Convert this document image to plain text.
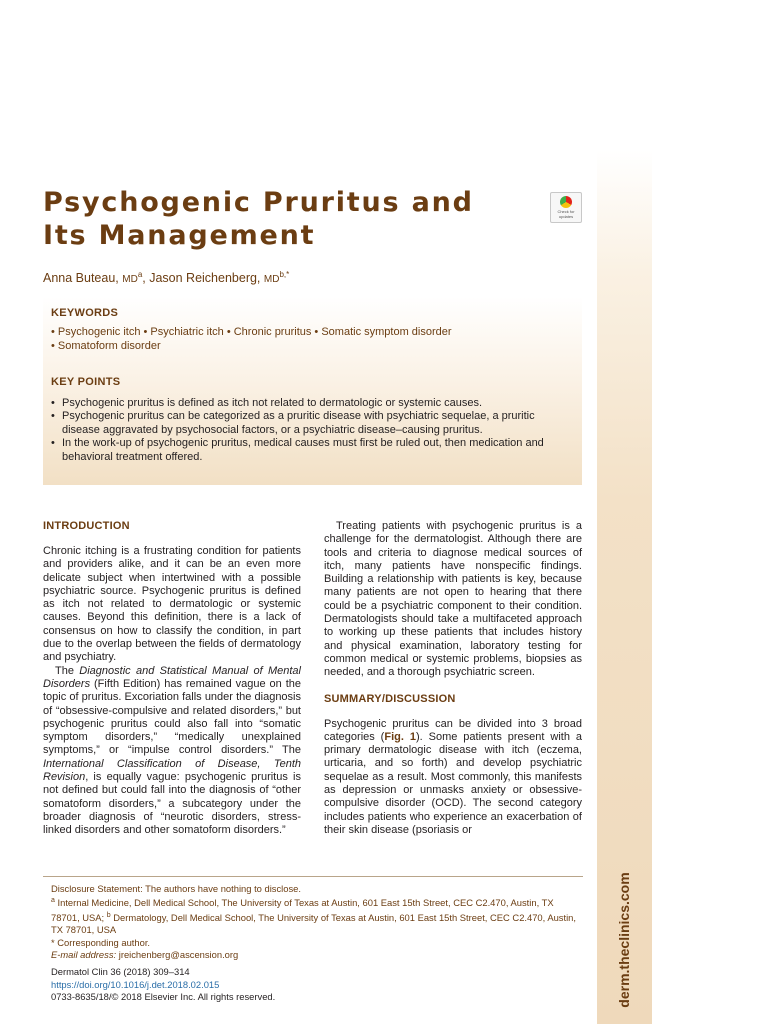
derm.theclinics.com
Psychogenic Pruritus and
Its Management
Check for updates
Anna Buteau, $MD^a$, Jason Reichenberg, $MD^{b,*}$
KEYWORDS
• Psychogenic itch • Psychiatric itch • Chronic pruritus • Somatic symptom disorder
• Somatoform disorder
KEY POINTS
• Psychogenic pruritus is defined as itch not related to dermatologic or systemic causes.
• Psychogenic pruritus can be categorized as a pruritic disease with psychiatric sequelae, a pruritic disease aggravated by psychosocial factors, or a psychiatric disease–causing pruritus.
• In the work-up of psychogenic pruritus, medical causes must first be ruled out, then medication and behavioral treatment offered.
INTRODUCTION

Chronic itching is a frustrating condition for patients and providers alike, and it can be an even more delicate subject when intertwined with a possible psychiatric source. Psychogenic pruritus is defined as itch not related to dermatologic or systemic causes. Beyond this definition, there is a lack of consensus on how to classify the condition, in part due to the overlap between the fields of dermatology and psychiatry.

The Diagnostic and Statistical Manual of Mental Disorders (Fifth Edition) has remained vague on the topic of pruritus. Excoriation falls under the diagnosis of “obsessive-compulsive and related disorders,” but psychogenic pruritus could also fall into “somatic symptom disorders,” “medically unexplained symptoms,” or “impulse control disorders.” The International Classification of Disease, Tenth Revision, is equally vague: psychogenic pruritus is not defined but could fall into the diagnosis of “other somatoform disorders,” a subcategory under the broader diagnosis of “neurotic disorders, stress-linked disorders and other somatoform disorders.”

Treating patients with psychogenic pruritus is a challenge for the dermatologist. Although there are tools and criteria to diagnose medical sources of itch, many patients have nonspecific findings. Building a relationship with patients is key, because many patients are not open to hearing that there could be a psychiatric component to their condition. Dermatologists should take a multifaceted approach to working up these patients that includes history and physical examination, laboratory testing for common medical or systemic problems, biopsies as needed, and a thorough psychiatric screen.

SUMMARY/DISCUSSION

Psychogenic pruritus can be divided into 3 broad categories (Fig. 1). Some patients present with a primary dermatologic disease with itch (eczema, urticaria, and so forth) and develop psychiatric sequelae as a result. Most commonly, this manifests as depression or unmasks anxiety or obsessive-compulsive disorder (OCD). The second category includes patients who experience an exacerbation of their skin disease (psoriasis or

Disclosure Statement: The authors have nothing to disclose.
$^a$ Internal Medicine, Dell Medical School, The University of Texas at Austin, 601 East 15th Street, CEC C2.470, Austin, TX 78701, USA; $^b$ Dermatology, Dell Medical School, The University of Texas at Austin, 601 East 15th Street, CEC C2.470, Austin, TX 78701, USA
* Corresponding author.
E-mail address: jreichenberg@ascension.org
Dermatol Clin 36 (2018) 309–314
https://doi.org/10.1016/j.det.2018.02.015
0733-8635/18/© 2018 Elsevier Inc. All rights reserved.
